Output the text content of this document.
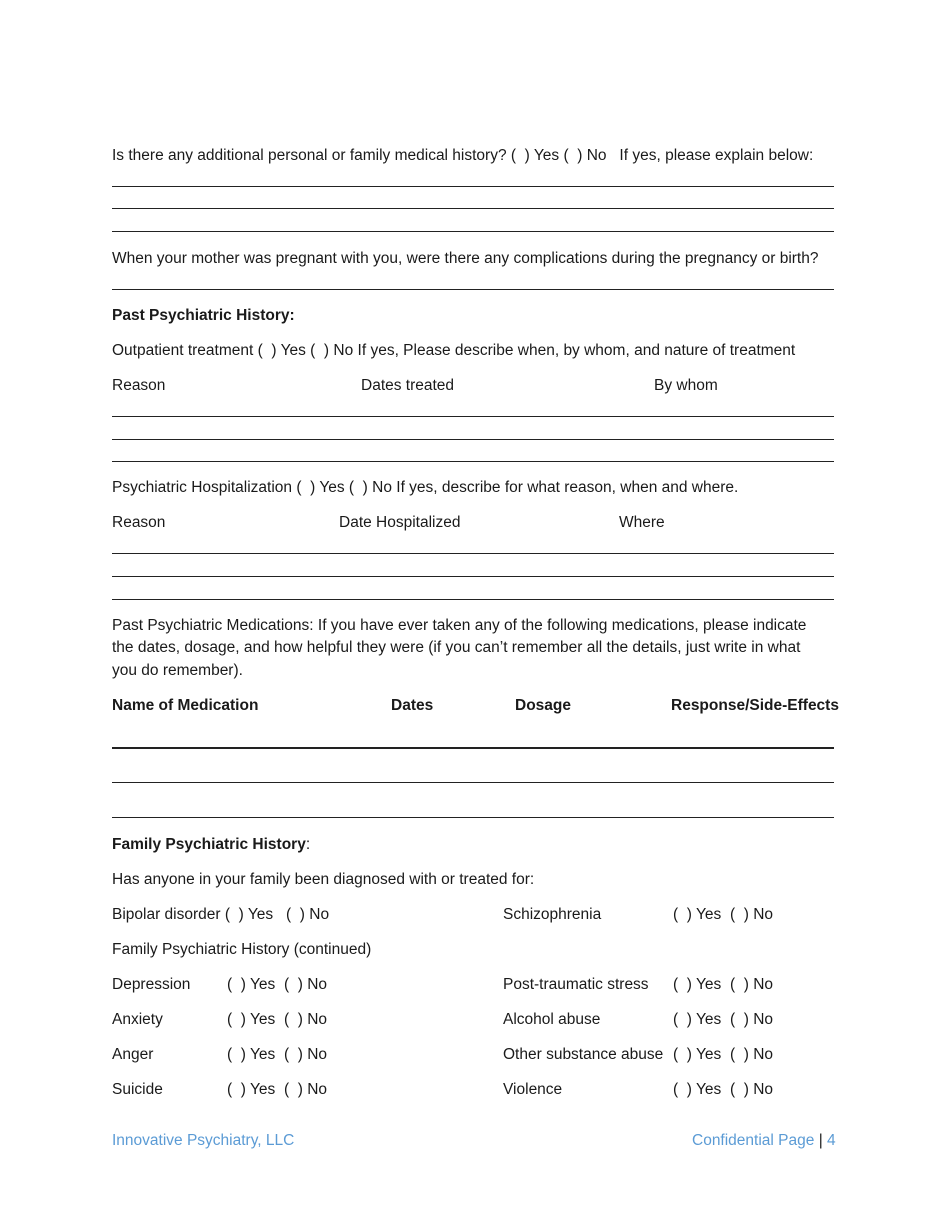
Is there any additional personal or family medical history? (  ) Yes (  ) No   If yes, please explain below:
When your mother was pregnant with you, were there any complications during the pregnancy or birth?
Past Psychiatric History:
Outpatient treatment (  ) Yes (  ) No If yes, Please describe when, by whom, and nature of treatment
Reason	Dates treated	By whom
Psychiatric Hospitalization (  ) Yes (  ) No If yes, describe for what reason, when and where.
Reason	Date Hospitalized	Where
Past Psychiatric Medications: If you have ever taken any of the following medications, please indicate
the dates, dosage, and how helpful they were (if you can’t remember all the details, just write in what
you do remember).
Name of Medication	Dates	Dosage	Response/Side-Effects
Family Psychiatric History:
Has anyone in your family been diagnosed with or treated for:
Bipolar disorder (  ) Yes   (  ) No	Schizophrenia	(  ) Yes (  ) No
Family Psychiatric History (continued)
Depression (  ) Yes (  ) No	Post-traumatic stress (  ) Yes (  ) No
Anxiety	(  ) Yes (  ) No	Alcohol abuse	(  ) Yes (  ) No
Anger	(  ) Yes (  ) No	Other substance abuse (  ) Yes (  ) No
Suicide	(  ) Yes (  ) No	Violence	(  ) Yes (  ) No
Innovative Psychiatry, LLC	Confidential Page | 4
